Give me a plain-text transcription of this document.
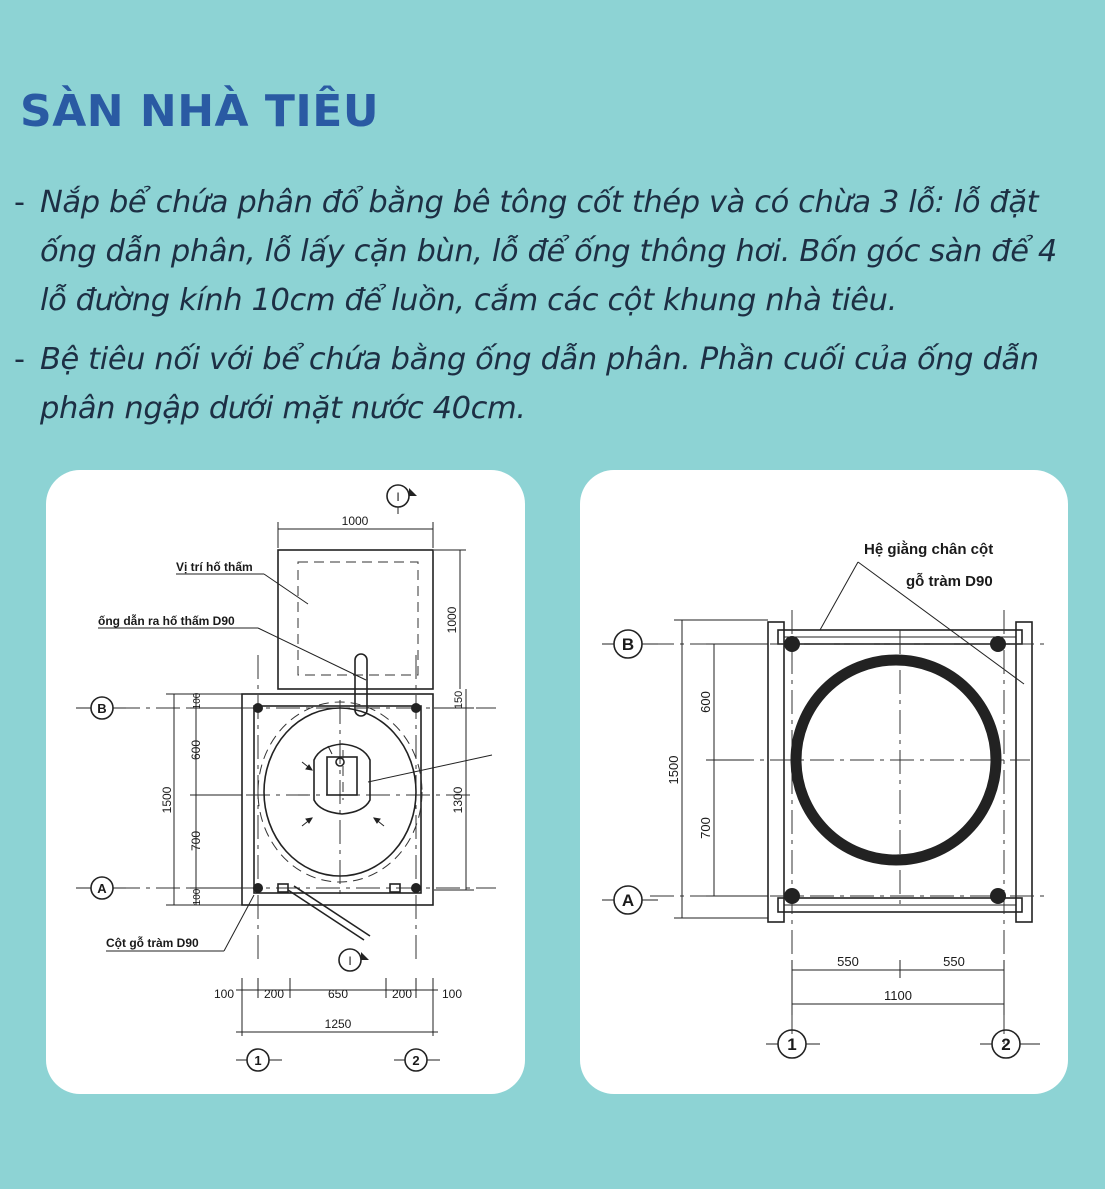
SÀN NHÀ TIÊU
- Nắp bể chứa phân đổ bằng bê tông cốt thép và có chừa 3 lỗ: lỗ đặt ống dẫn phân, lỗ lấy cặn bùn, lỗ để ống thông hơi. Bốn góc sàn để 4 lỗ đường kính 10cm để luồn, cắm các cột khung nhà tiêu.
- Bệ tiêu nối với bể chứa bằng ống dẫn phân. Phần cuối của ống dẫn phân ngập dưới mặt nước 40cm.
I
1000
1000
Vị trí hố thấm
ống dẫn ra hố thấm D90
I
150
1300
1500
100
600
700
100
B
A
Cột gỗ tràm D90
100 200	650	200 100
1250
1	2
Hệ giằng chân cột
gỗ tràm D90
1500
600
700
B
A
550	550
1100
1	2
